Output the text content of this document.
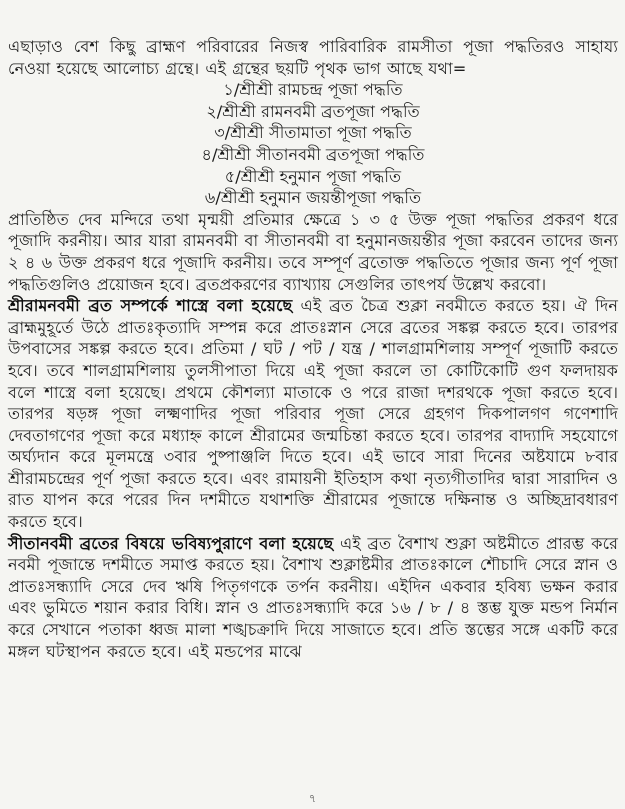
এছাড়াও বেশ কিছু ব্রাহ্মণ পরিবারের নিজস্ব পারিবারিক রামসীতা পূজা পদ্ধতিরও সাহায্য নেওয়া হয়েছে আলোচ্য গ্রন্থে। এই গ্রন্থের ছয়টি পৃথক ভাগ আছে যথা=

১/শ্রীশ্রী রামচন্দ্র পূজা পদ্ধতি
২/শ্রীশ্রী রামনবমী ব্রতপূজা পদ্ধতি
৩/শ্রীশ্রী সীতামাতা পূজা পদ্ধতি
৪/শ্রীশ্রী সীতানবমী ব্রতপূজা পদ্ধতি
৫/শ্রীশ্রী হনুমান পূজা পদ্ধতি
৬/শ্রীশ্রী হনুমান জয়ন্তীপূজা পদ্ধতি

প্রাতিষ্ঠিত দেব মন্দিরে তথা মৃন্ময়ী প্রতিমার ক্ষেত্রে ১ ৩ ৫ উক্ত পূজা পদ্ধতির প্রকরণ ধরে পূজাদি করনীয়। আর যারা রামনবমী বা সীতানবমী বা হনুমানজয়ন্তীর পূজা করবেন তাদের জন্য ২ ৪ ৬ উক্ত প্রকরণ ধরে পূজাদি করনীয়। তবে সম্পূর্ণ ব্রতোক্ত পদ্ধতিতে পূজার জন্য পূর্ণ পূজা পদ্ধতিগুলিও প্রয়োজন হবে। ব্রতপ্রকরণের ব্যাখ্যায় সেগুলির তাৎপর্য উল্লেখ করবো।

শ্রীরামনবমী ব্রত সম্পর্কে শাস্ত্রে বলা হয়েছে এই ব্রত চৈত্র শুক্লা নবমীতে করতে হয়। ঐ দিন ব্রাহ্মমুহূর্তে উঠে প্রাতঃকৃত্যাদি সম্পন্ন করে প্রাতঃস্নান সেরে ব্রতের সঙ্কল্প করতে হবে। তারপর উপবাসের সঙ্কল্প করতে হবে। প্রতিমা / ঘট / পট / যন্ত্র / শালগ্রামশিলায় সম্পূর্ণ পূজাটি করতে হবে। তবে শালগ্রামশিলায় তুলসীপাতা দিয়ে এই পূজা করলে তা কোটিকোটি গুণ ফলদায়ক বলে শাস্ত্রে বলা হয়েছে। প্রথমে কৌশল্যা মাতাকে ও পরে রাজা দশরথকে পূজা করতে হবে। তারপর ষড়ঙ্গ পূজা লক্ষ্মণাদির পূজা পরিবার পূজা সেরে গ্রহগণ দিকপালগণ গণেশাদি দেবতাগণের পূজা করে মধ্যাহ্ন কালে শ্রীরামের জন্মচিন্তা করতে হবে। তারপর বাদ্যাদি সহযোগে অর্ঘ্যদান করে মূলমন্ত্রে ৩বার পুষ্পাঞ্জলি দিতে হবে। এই ভাবে সারা দিনের অষ্টযামে ৮বার শ্রীরামচন্দ্রের পূর্ণ পূজা করতে হবে। এবং রামায়নী ইতিহাস কথা নৃত্যগীতাদির দ্বারা সারাদিন ও রাত যাপন করে পরের দিন দশমীতে যথাশক্তি শ্রীরামের পূজান্তে দক্ষিনান্ত ও অচ্ছিদ্রাবধারণ করতে হবে।

সীতানবমী ব্রতের বিষয়ে ভবিষ্যপুরাণে বলা হয়েছে এই ব্রত বৈশাখ শুক্লা অষ্টমীতে প্রারম্ভ করে নবমী পূজান্তে দশমীতে সমাপ্ত করতে হয়। বৈশাখ শুক্লাষ্টমীর প্রাতঃকালে শৌচাদি সেরে স্নান ও প্রাতঃসন্ধ্যাদি সেরে দেব ঋষি পিতৃগণকে তর্পন করনীয়। এইদিন একবার হবিষ্য ভক্ষন করার এবং ভুমিতে শয়ান করার বিধি। স্নান ও প্রাতঃসন্ধ্যাদি করে ১৬ / ৮ / ৪ স্তম্ভ যুক্ত মন্ডপ নির্মান করে সেখানে পতাকা ধ্বজ মালা শঙ্খচক্রাদি দিয়ে সাজাতে হবে। প্রতি স্তম্ভের সঙ্গে একটি করে মঙ্গল ঘটস্থাপন করতে হবে। এই মন্ডপের মাঝে

৭
